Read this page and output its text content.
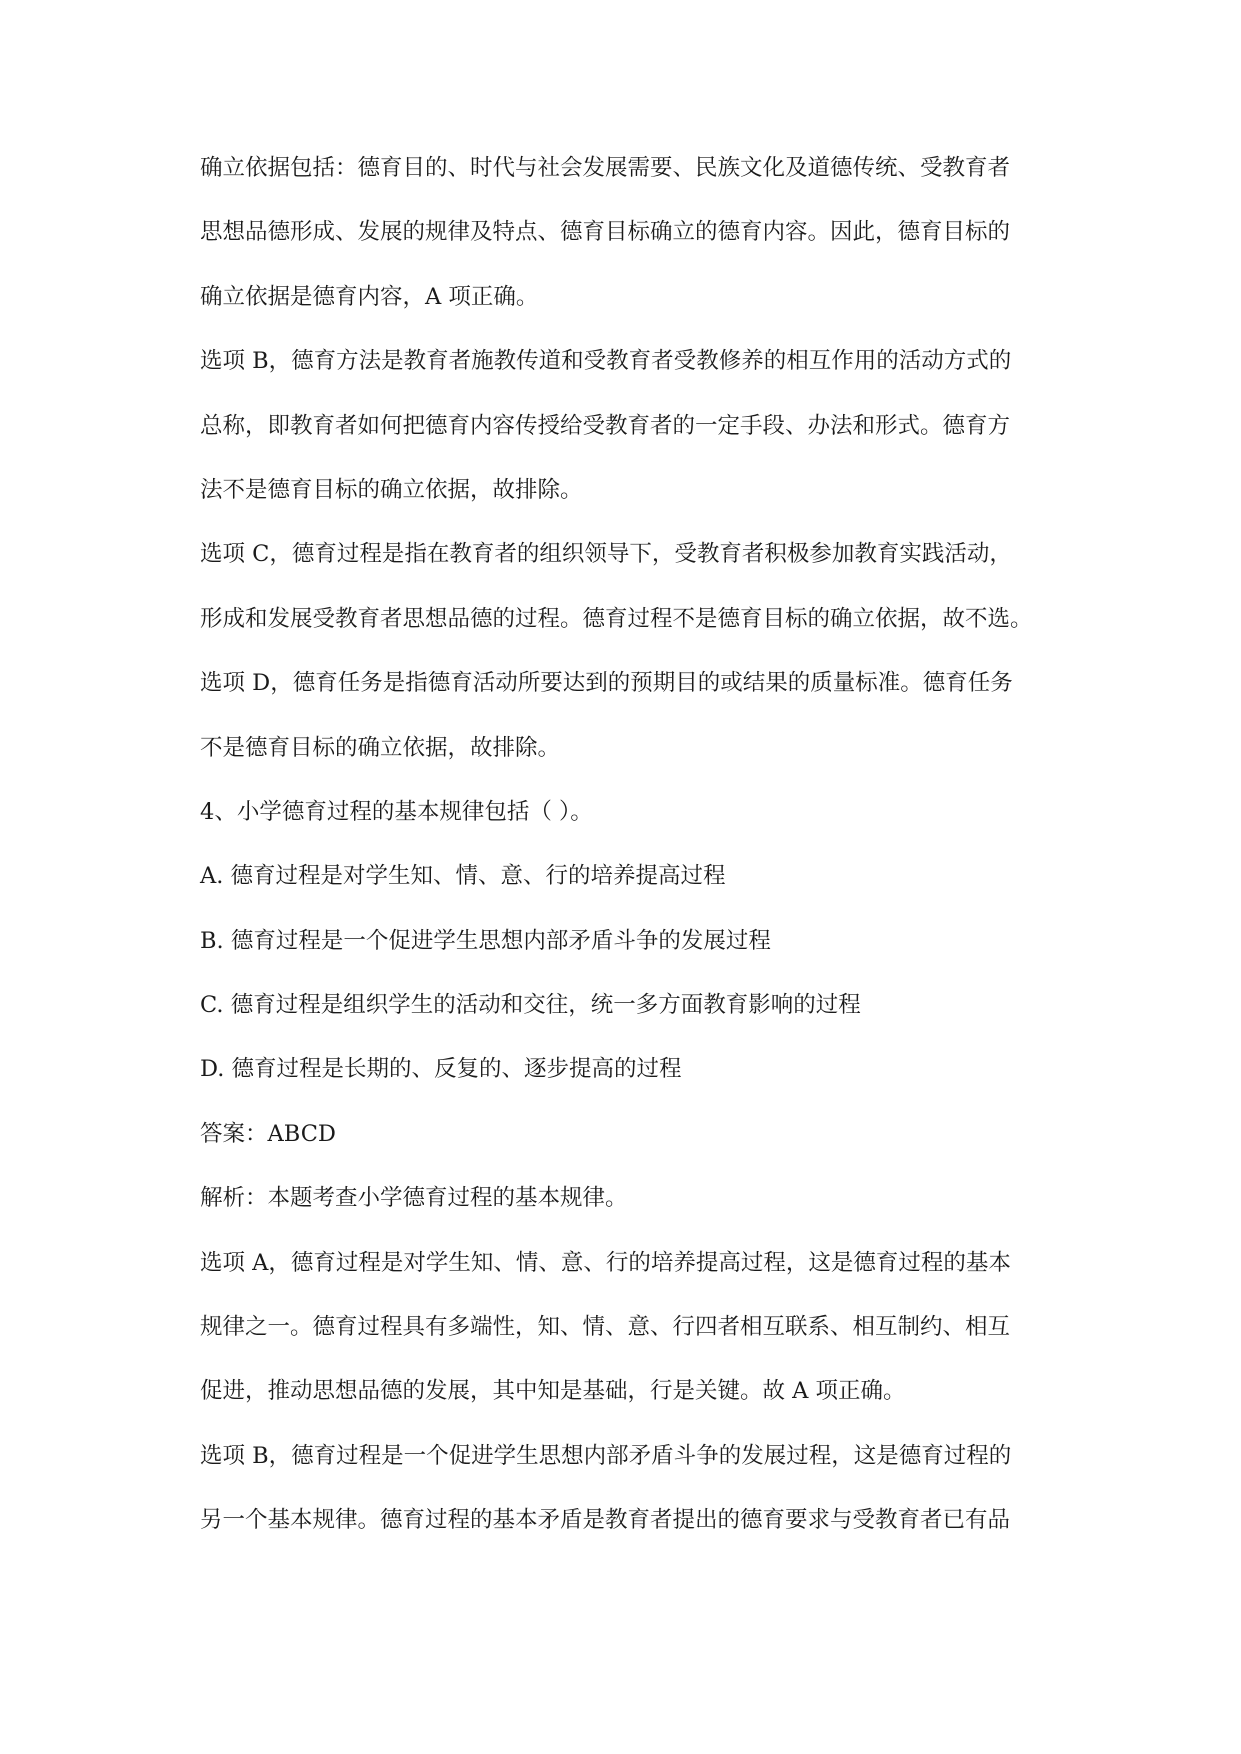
确立依据包括：德育目的、时代与社会发展需要、民族文化及道德传统、受教育者
思想品德形成、发展的规律及特点、德育目标确立的德育内容。因此，德育目标的
确立依据是德育内容，A 项正确。
选项 B，德育方法是教育者施教传道和受教育者受教修养的相互作用的活动方式的
总称，即教育者如何把德育内容传授给受教育者的一定手段、办法和形式。德育方
法不是德育目标的确立依据，故排除。
选项 C，德育过程是指在教育者的组织领导下，受教育者积极参加教育实践活动，
形成和发展受教育者思想品德的过程。德育过程不是德育目标的确立依据，故不选。
选项 D，德育任务是指德育活动所要达到的预期目的或结果的质量标准。德育任务
不是德育目标的确立依据，故排除。
4、小学德育过程的基本规律包括（ ）。
A. 德育过程是对学生知、情、意、行的培养提高过程
B. 德育过程是一个促进学生思想内部矛盾斗争的发展过程
C. 德育过程是组织学生的活动和交往，统一多方面教育影响的过程
D. 德育过程是长期的、反复的、逐步提高的过程
答案：ABCD
解析：本题考查小学德育过程的基本规律。
选项 A，德育过程是对学生知、情、意、行的培养提高过程，这是德育过程的基本
规律之一。德育过程具有多端性，知、情、意、行四者相互联系、相互制约、相互
促进，推动思想品德的发展，其中知是基础，行是关键。故 A 项正确。
选项 B，德育过程是一个促进学生思想内部矛盾斗争的发展过程，这是德育过程的
另一个基本规律。德育过程的基本矛盾是教育者提出的德育要求与受教育者已有品
